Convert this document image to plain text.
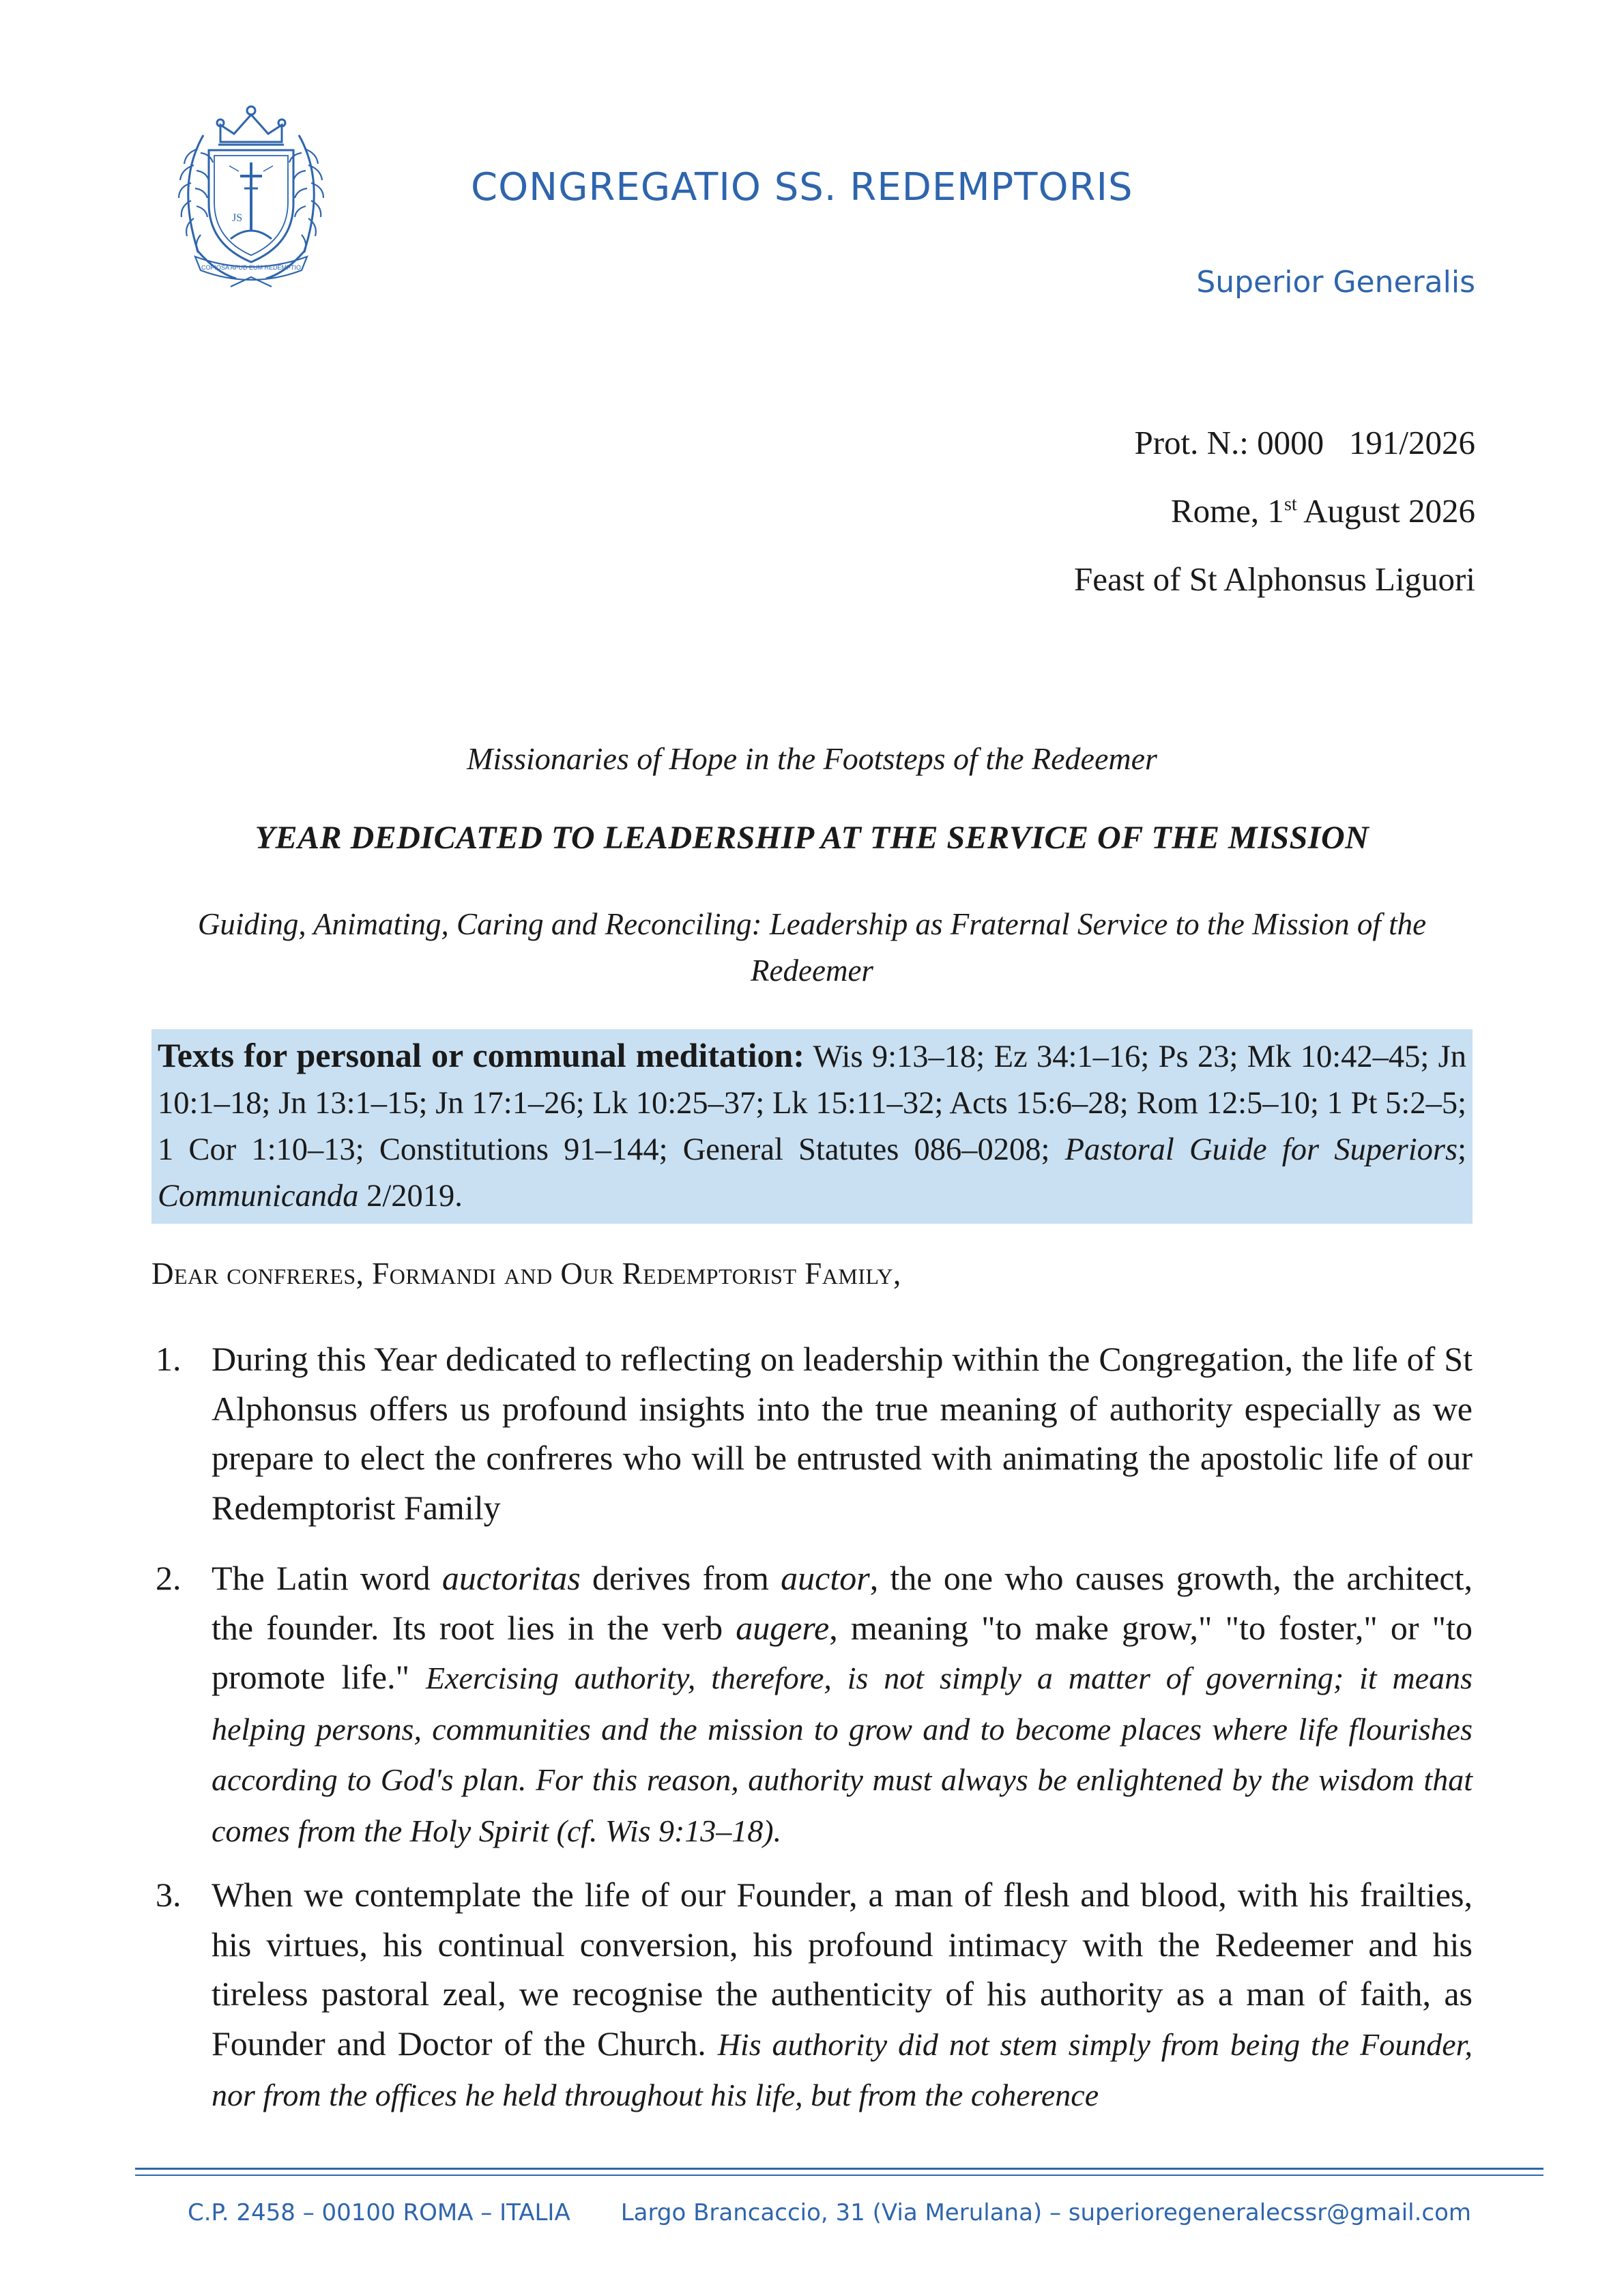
JS
COPIOSA APUD EUM REDEMPTIO
CONGREGATIO SS. REDEMPTORIS
Superior Generalis
Prot. N.: 0000   191/2026
Rome, 1st August 2026
Feast of St Alphonsus Liguori
Missionaries of Hope in the Footsteps of the Redeemer
YEAR DEDICATED TO LEADERSHIP AT THE SERVICE OF THE MISSION
Guiding, Animating, Caring and Reconciling: Leadership as Fraternal Service to the Mission of the Redeemer
Texts for personal or communal meditation: Wis 9:13–18; Ez 34:1–16; Ps 23; Mk 10:42–45; Jn 10:1–18; Jn 13:1–15; Jn 17:1–26; Lk 10:25–37; Lk 15:11–32; Acts 15:6–28; Rom 12:5–10; 1 Pt 5:2–5; 1 Cor 1:10–13; Constitutions 91–144; General Statutes 086–0208; Pastoral Guide for Superiors; Communicanda 2/2019.
Dear confreres, Formandi and Our Redemptorist Family,
1. During this Year dedicated to reflecting on leadership within the Congregation, the life of St Alphonsus offers us profound insights into the true meaning of authority especially as we prepare to elect the confreres who will be entrusted with animating the apostolic life of our Redemptorist Family
2. The Latin word auctoritas derives from auctor, the one who causes growth, the architect, the founder. Its root lies in the verb augere, meaning "to make grow," "to foster," or "to promote life." Exercising authority, therefore, is not simply a matter of governing; it means helping persons, communities and the mission to grow and to become places where life flourishes according to God's plan. For this reason, authority must always be enlightened by the wisdom that comes from the Holy Spirit (cf. Wis 9:13–18).
3. When we contemplate the life of our Founder, a man of flesh and blood, with his frailties, his virtues, his continual conversion, his profound intimacy with the Redeemer and his tireless pastoral zeal, we recognise the authenticity of his authority as a man of faith, as Founder and Doctor of the Church. His authority did not stem simply from being the Founder, nor from the offices he held throughout his life, but from the coherence
C.P. 2458 – 00100 ROMA – ITALIA Largo Brancaccio, 31 (Via Merulana) – superioregeneralecssr@gmail.com
